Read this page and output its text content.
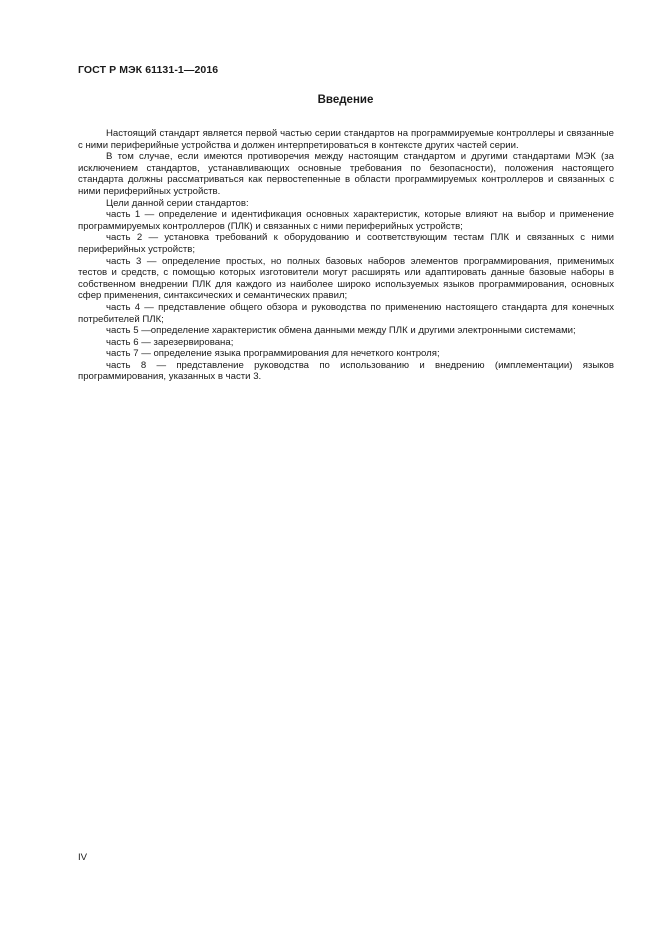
ГОСТ Р МЭК 61131-1—2016
Введение

Настоящий стандарт является первой частью серии стандартов на программируемые контроллеры и связанные с ними периферийные устройства и должен интерпретироваться в контексте других частей серии.

В том случае, если имеются противоречия между настоящим стандартом и другими стандартами МЭК (за исключением стандартов, устанавливающих основные требования по безопасности), положения настоящего стандарта должны рассматриваться как первостепенные в области программируемых контроллеров и связанных с ними периферийных устройств.

Цели данной серии стандартов:

часть 1 — определение и идентификация основных характеристик, которые влияют на выбор и применение программируемых контроллеров (ПЛК) и связанных с ними периферийных устройств;

часть 2 — установка требований к оборудованию и соответствующим тестам ПЛК и связанных с ними периферийных устройств;

часть 3 — определение простых, но полных базовых наборов элементов программирования, применимых тестов и средств, с помощью которых изготовители могут расширять или адаптировать данные базовые наборы в собственном внедрении ПЛК для каждого из наиболее широко используемых языков программирования, основных сфер применения, синтаксических и семантических правил;

часть 4 — представление общего обзора и руководства по применению настоящего стандарта для конечных потребителей ПЛК;

часть 5 —определение характеристик обмена данными между ПЛК и другими электронными системами;

часть 6 — зарезервирована;

часть 7 — определение языка программирования для нечеткого контроля;

часть 8 — представление руководства по использованию и внедрению (имплементации) языков программирования, указанных в части 3.

IV
